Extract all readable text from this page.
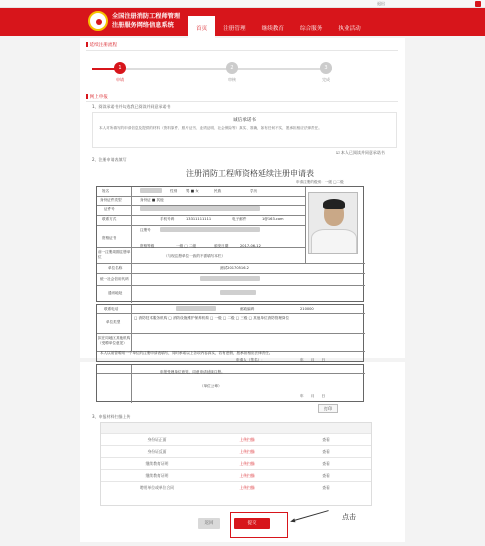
退出
全国注册消防工程师管理
注册服务网络信息系统	首页	注册管理	继续教育	综合服务	执业活动
延续注册流程
1	2	3
申请	审核	完成
网上申报
1、阅读承诺书并勾选我已阅读并同意承诺书
诚信承诺书
本人对所填写的申请信息及提供的材料（资料原件、照片证书、业绩证明、社会保险等）真实、准确，如有任何不实，愿承担相应法律责任。
☑ 本人已阅读并同意承诺书
2、注册申请表填写
注册消防工程师资格延续注册申请表
申请注册的级别：一级 □二级
姓名	性别 男 ■ 女	民族	学历
身份证件类型	身份证 ■ 其他
证件号
联系方式	手机号码	13311111111	电子邮件	1@163.com
资格证书
注册号
资格等级	一级 □ 二级	颁发日期	2017-06-12
前一注册周期注册单位	（与现注册单位一致的不需填写本栏）
单位名称	测试20170516.2
统一社会信用代码
通讯地址
联系电话	邮政编码	210000
单位类型
□ 消防技术服务机构 □ 消防设施维护保养机构 □ 一级 □ 二级 □ 三级 □ 其他单位消防管理岗位
拟在同地区其他机构（受聘单位意见）
本人以前曾聘用一个单位的注册申请表填写，同时承诺以上各项内容真实，若有虚假，愿承担相应法律责任。
申请人（签名）：	年　　月　　日
申报受理单位意见，同意申请延续注册。
（单位公章）
年　　月　　日
打印
3、申报材料扫描上传
身份证正面	上传扫描	查看
身份证反面	上传扫描	查看
继续教育证明	上传扫描	查看
继续教育证明	上传扫描	查看
聘用单位或单位合同	上传扫描	查看
返回	提交
点击
